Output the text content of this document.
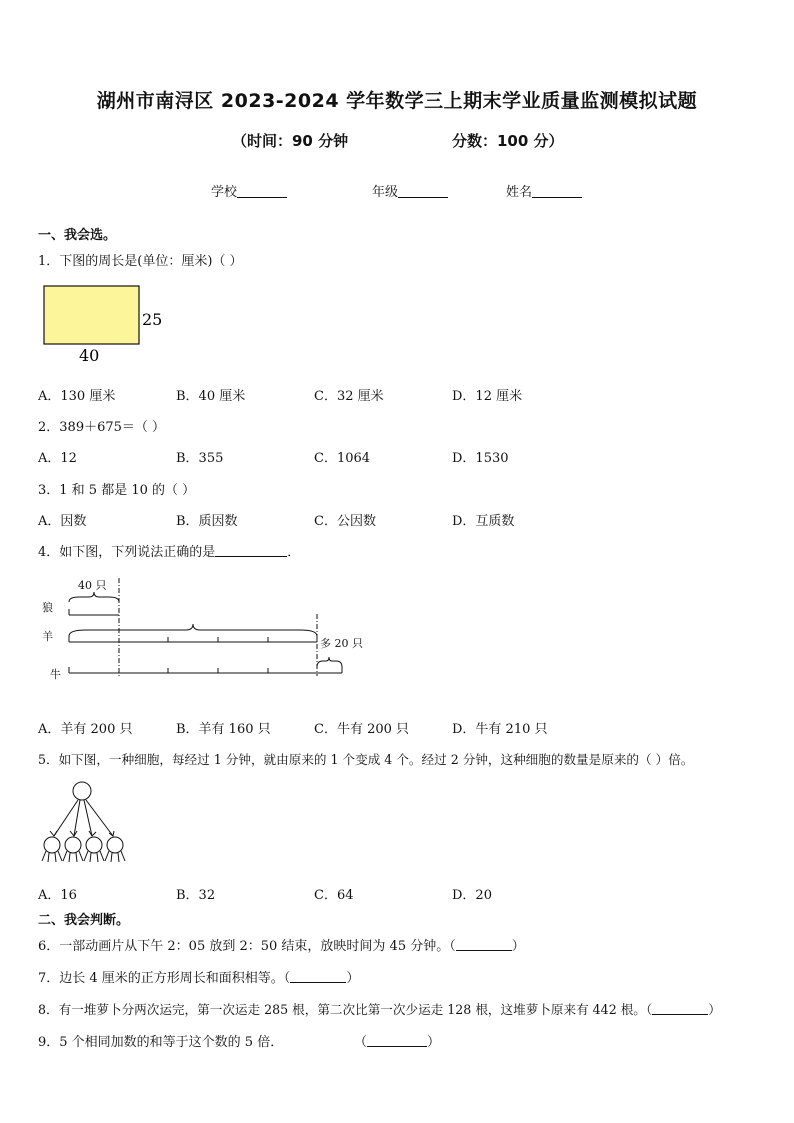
湖州市南浔区 2023-2024 学年数学三上期末学业质量监测模拟试题
（时间：90 分钟	分数：100 分）
学校	年级	姓名
一、我会选。
1．下图的周长是(单位：厘米)（ ）
25
40
A．130 厘米	B．40 厘米	C．32 厘米	D．12 厘米
2．389＋675＝（ ）
A．12	B．355	C．1064	D．1530
3．1 和 5 都是 10 的（ ）
A．因数	B．质因数	C．公因数	D．互质数
4．如下图，下列说法正确的是	．
狼
羊
牛
40 只
多 20 只
A．羊有 200 只	B．羊有 160 只	C．牛有 200 只	D．牛有 210 只
5．如下图，一种细胞，每经过 1 分钟，就由原来的 1 个变成 4 个。经过 2 分钟，这种细胞的数量是原来的（ ）倍。
A．16	B．32	C．64	D．20
二、我会判断。
6．一部动画片从下午 2：05 放到 2：50 结束，放映时间为 45 分钟。（	）
7．边长 4 厘米的正方形周长和面积相等。（	）
8．有一堆萝卜分两次运完，第一次运走 285 根，第二次比第一次少运走 128 根，这堆萝卜原来有 442 根。（	）
9．5 个相同加数的和等于这个数的 5 倍．	（	）
